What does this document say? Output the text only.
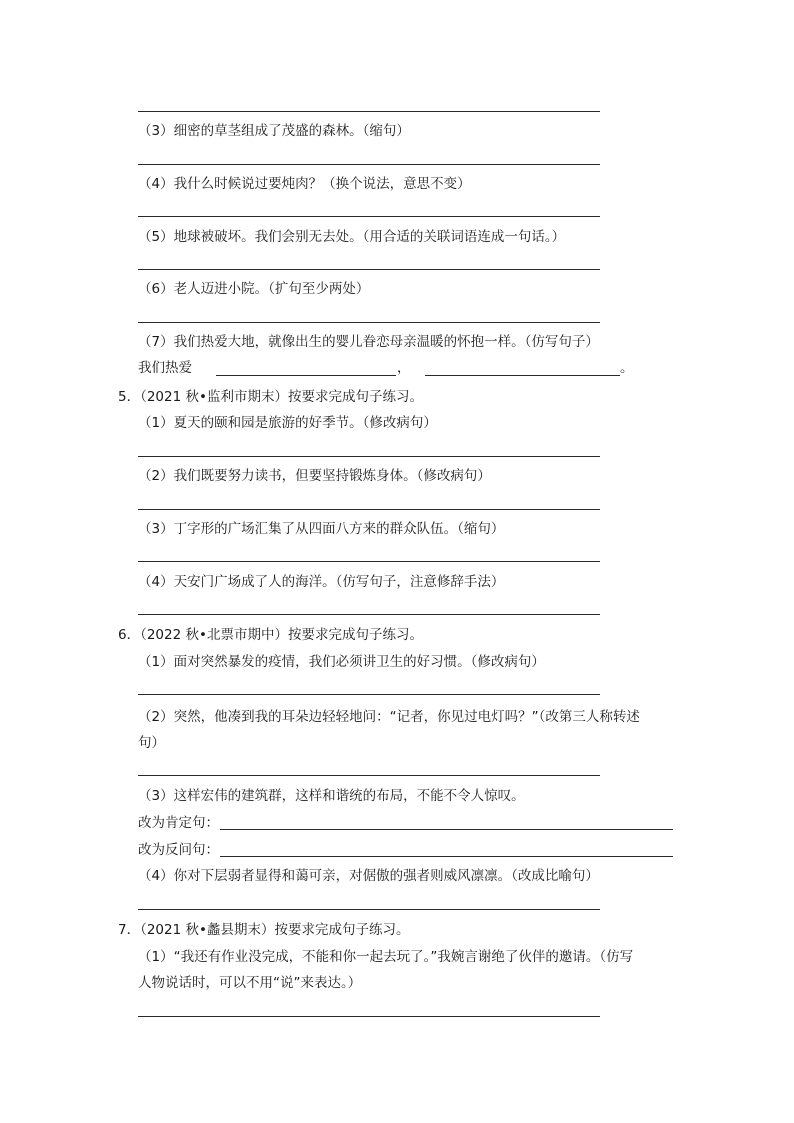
（3）细密的草茎组成了茂盛的森林。（缩句）
（4）我什么时候说过要炖肉？（换个说法，意思不变）
（5）地球被破坏。我们会别无去处。（用合适的关联词语连成一句话。）
（6）老人迈进小院。（扩句至少两处）
（7）我们热爱大地，就像出生的婴儿眷恋母亲温暖的怀抱一样。（仿写句子）
我们热爱	，	。
5．（2021 秋•监利市期末）按要求完成句子练习。
（1）夏天的颐和园是旅游的好季节。（修改病句）
（2）我们既要努力读书，但要坚持锻炼身体。（修改病句）
（3）丁字形的广场汇集了从四面八方来的群众队伍。（缩句）
（4）天安门广场成了人的海洋。（仿写句子，注意修辞手法）
6．（2022 秋•北票市期中）按要求完成句子练习。
（1）面对突然暴发的疫情，我们必须讲卫生的好习惯。（修改病句）
（2）突然，他凑到我的耳朵边轻轻地问：“记者，你见过电灯吗？”（改第三人称转述
句）
（3）这样宏伟的建筑群，这样和谐统的布局，不能不令人惊叹。
改为肯定句：
改为反问句：
（4）你对下层弱者显得和蔼可亲，对倨傲的强者则威风凛凛。（改成比喻句）
7．（2021 秋•蠡县期末）按要求完成句子练习。
（1）“我还有作业没完成，不能和你一起去玩了。”我婉言谢绝了伙伴的邀请。（仿写
人物说话时，可以不用“说”来表达。）
